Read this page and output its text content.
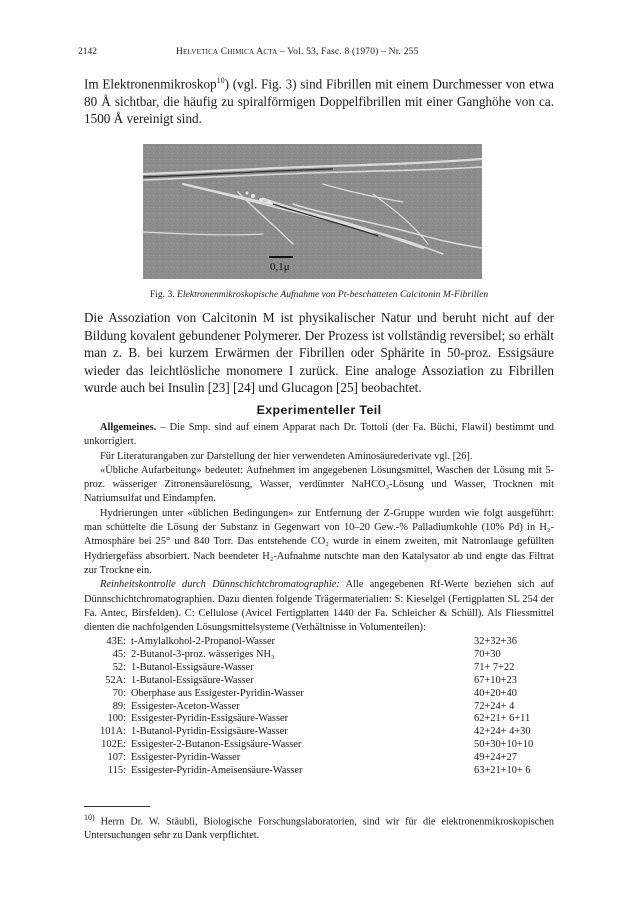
2142	Helvetica Chimica Acta – Vol. 53, Fasc. 8 (1970) – Nr. 255
Im Elektronenmikroskop$^{10}$) (vgl. Fig. 3) sind Fibrillen mit einem Durchmesser von etwa 80 Å sichtbar, die häufig zu spiralförmigen Doppelfibrillen mit einer Ganghöhe von ca. 1500 Å vereinigt sind.
0,1μ
Fig. 3. Elektronenmikroskopische Aufnahme von Pt-beschatteten Calcitonin M-Fibrillen
Die Assoziation von Calcitonin M ist physikalischer Natur und beruht nicht auf der Bildung kovalent gebundener Polymerer. Der Prozess ist vollständig reversibel; so erhält man z. B. bei kurzem Erwärmen der Fibrillen oder Sphärite in 50-proz. Essigsäure wieder das leichtlösliche monomere I zurück. Eine analoge Assoziation zu Fibrillen wurde auch bei Insulin [23] [24] und Glucagon [25] beobachtet.
Experimenteller Teil
Allgemeines. – Die Smp. sind auf einem Apparat nach Dr. Tottoli (der Fa. Büchi, Flawil) bestimmt und unkorrigiert.
Für Literaturangaben zur Darstellung der hier verwendeten Aminosäurederivate vgl. [26].
«Übliche Aufarbeitung» bedeutet: Aufnehmen im angegebenen Lösungsmittel, Waschen der Lösung mit 5-proz. wässeriger Zitronensäurelösung, Wasser, verdünnter NaHCO₃-Lösung und Wasser, Trocknen mit Natriumsulfat und Eindampfen.
Hydrierungen unter «üblichen Bedingungen» zur Entfernung der Z-Gruppe wurden wie folgt ausgeführt: man schüttelte die Lösung der Substanz in Gegenwart von 10–20 Gew.-% Palladiumkohle (10% Pd) in H₂-Atmosphäre bei 25° und 840 Torr. Das entstehende CO₂ wurde in einem zweiten, mit Natronlauge gefüllten Hydriergefäss absorbiert. Nach beendeter H₂-Aufnahme nutschte man den Katalysator ab und engte das Filtrat zur Trockne ein.
Reinheitskontrolle durch Dünnschichtchromatographie: Alle angegebenen Rf-Werte beziehen sich auf Dünnschichtchromatographien. Dazu dienten folgende Trägermaterialien: S: Kieselgel (Fertigplatten SL 254 der Fa. Antec, Birsfelden). C: Cellulose (Avicel Fertigplatten 1440 der Fa. Schleicher & Schüll). Als Fliessmittel dienten die nachfolgenden Lösungsmittelsysteme (Verhältnisse in Volumenteilen):
43E:	t-Amylalkohol-2-Propanol-Wasser	32+32+36
45:	2-Butanol-3-proz. wässeriges NH₃	70+30
52:	1-Butanol-Essigsäure-Wasser	71+ 7+22
52A:	1-Butanol-Essigsäure-Wasser	67+10+23
70:	Oberphase aus Essigester-Pyridin-Wasser	40+20+40
89:	Essigester-Aceton-Wasser	72+24+ 4
100:	Essigester-Pyridin-Essigsäure-Wasser	62+21+ 6+11
101A:	1-Butanol-Pyridin-Essigsäure-Wasser	42+24+ 4+30
102E:	Essigester-2-Butanon-Essigsäure-Wasser	50+30+10+10
107:	Essigester-Pyridin-Wasser	49+24+27
115:	Essigester-Pyridin-Ameisensäure-Wasser	63+21+10+ 6
$^{10)}$ Herrn Dr. W. Stäubli, Biologische Forschungslaboratorien, sind wir für die elektronenmikroskopischen Untersuchungen sehr zu Dank verpflichtet.
